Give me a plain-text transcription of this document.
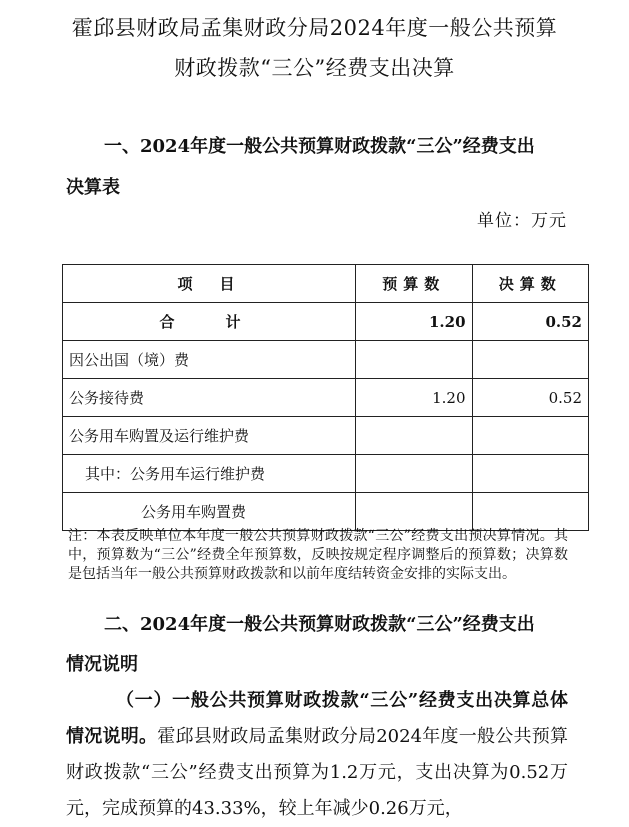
霍邱县财政局孟集财政分局2024年度一般公共预算
财政拨款“三公”经费支出决算
一、2024年度一般公共预算财政拨款“三公”经费支出
决算表
单位：万元
项　目	预算数	决算数
合　计	1.20	0.52
因公出国（境）费		
公务接待费	1.20	0.52
公务用车购置及运行维护费		
其中：公务用车运行维护费		
公务用车购置费		
注：本表反映单位本年度一般公共预算财政拨款“三公”经费支出预决算情况。其中，预算数为“三公”经费全年预算数，反映按规定程序调整后的预算数；决算数是包括当年一般公共预算财政拨款和以前年度结转资金安排的实际支出。
二、2024年度一般公共预算财政拨款“三公”经费支出
情况说明
（一）一般公共预算财政拨款“三公”经费支出决算总体情况说明。霍邱县财政局孟集财政分局2024年度一般公共预算财政拨款“三公”经费支出预算为1.2万元，支出决算为0.52万元，完成预算的43.33%，较上年减少0.26万元，
